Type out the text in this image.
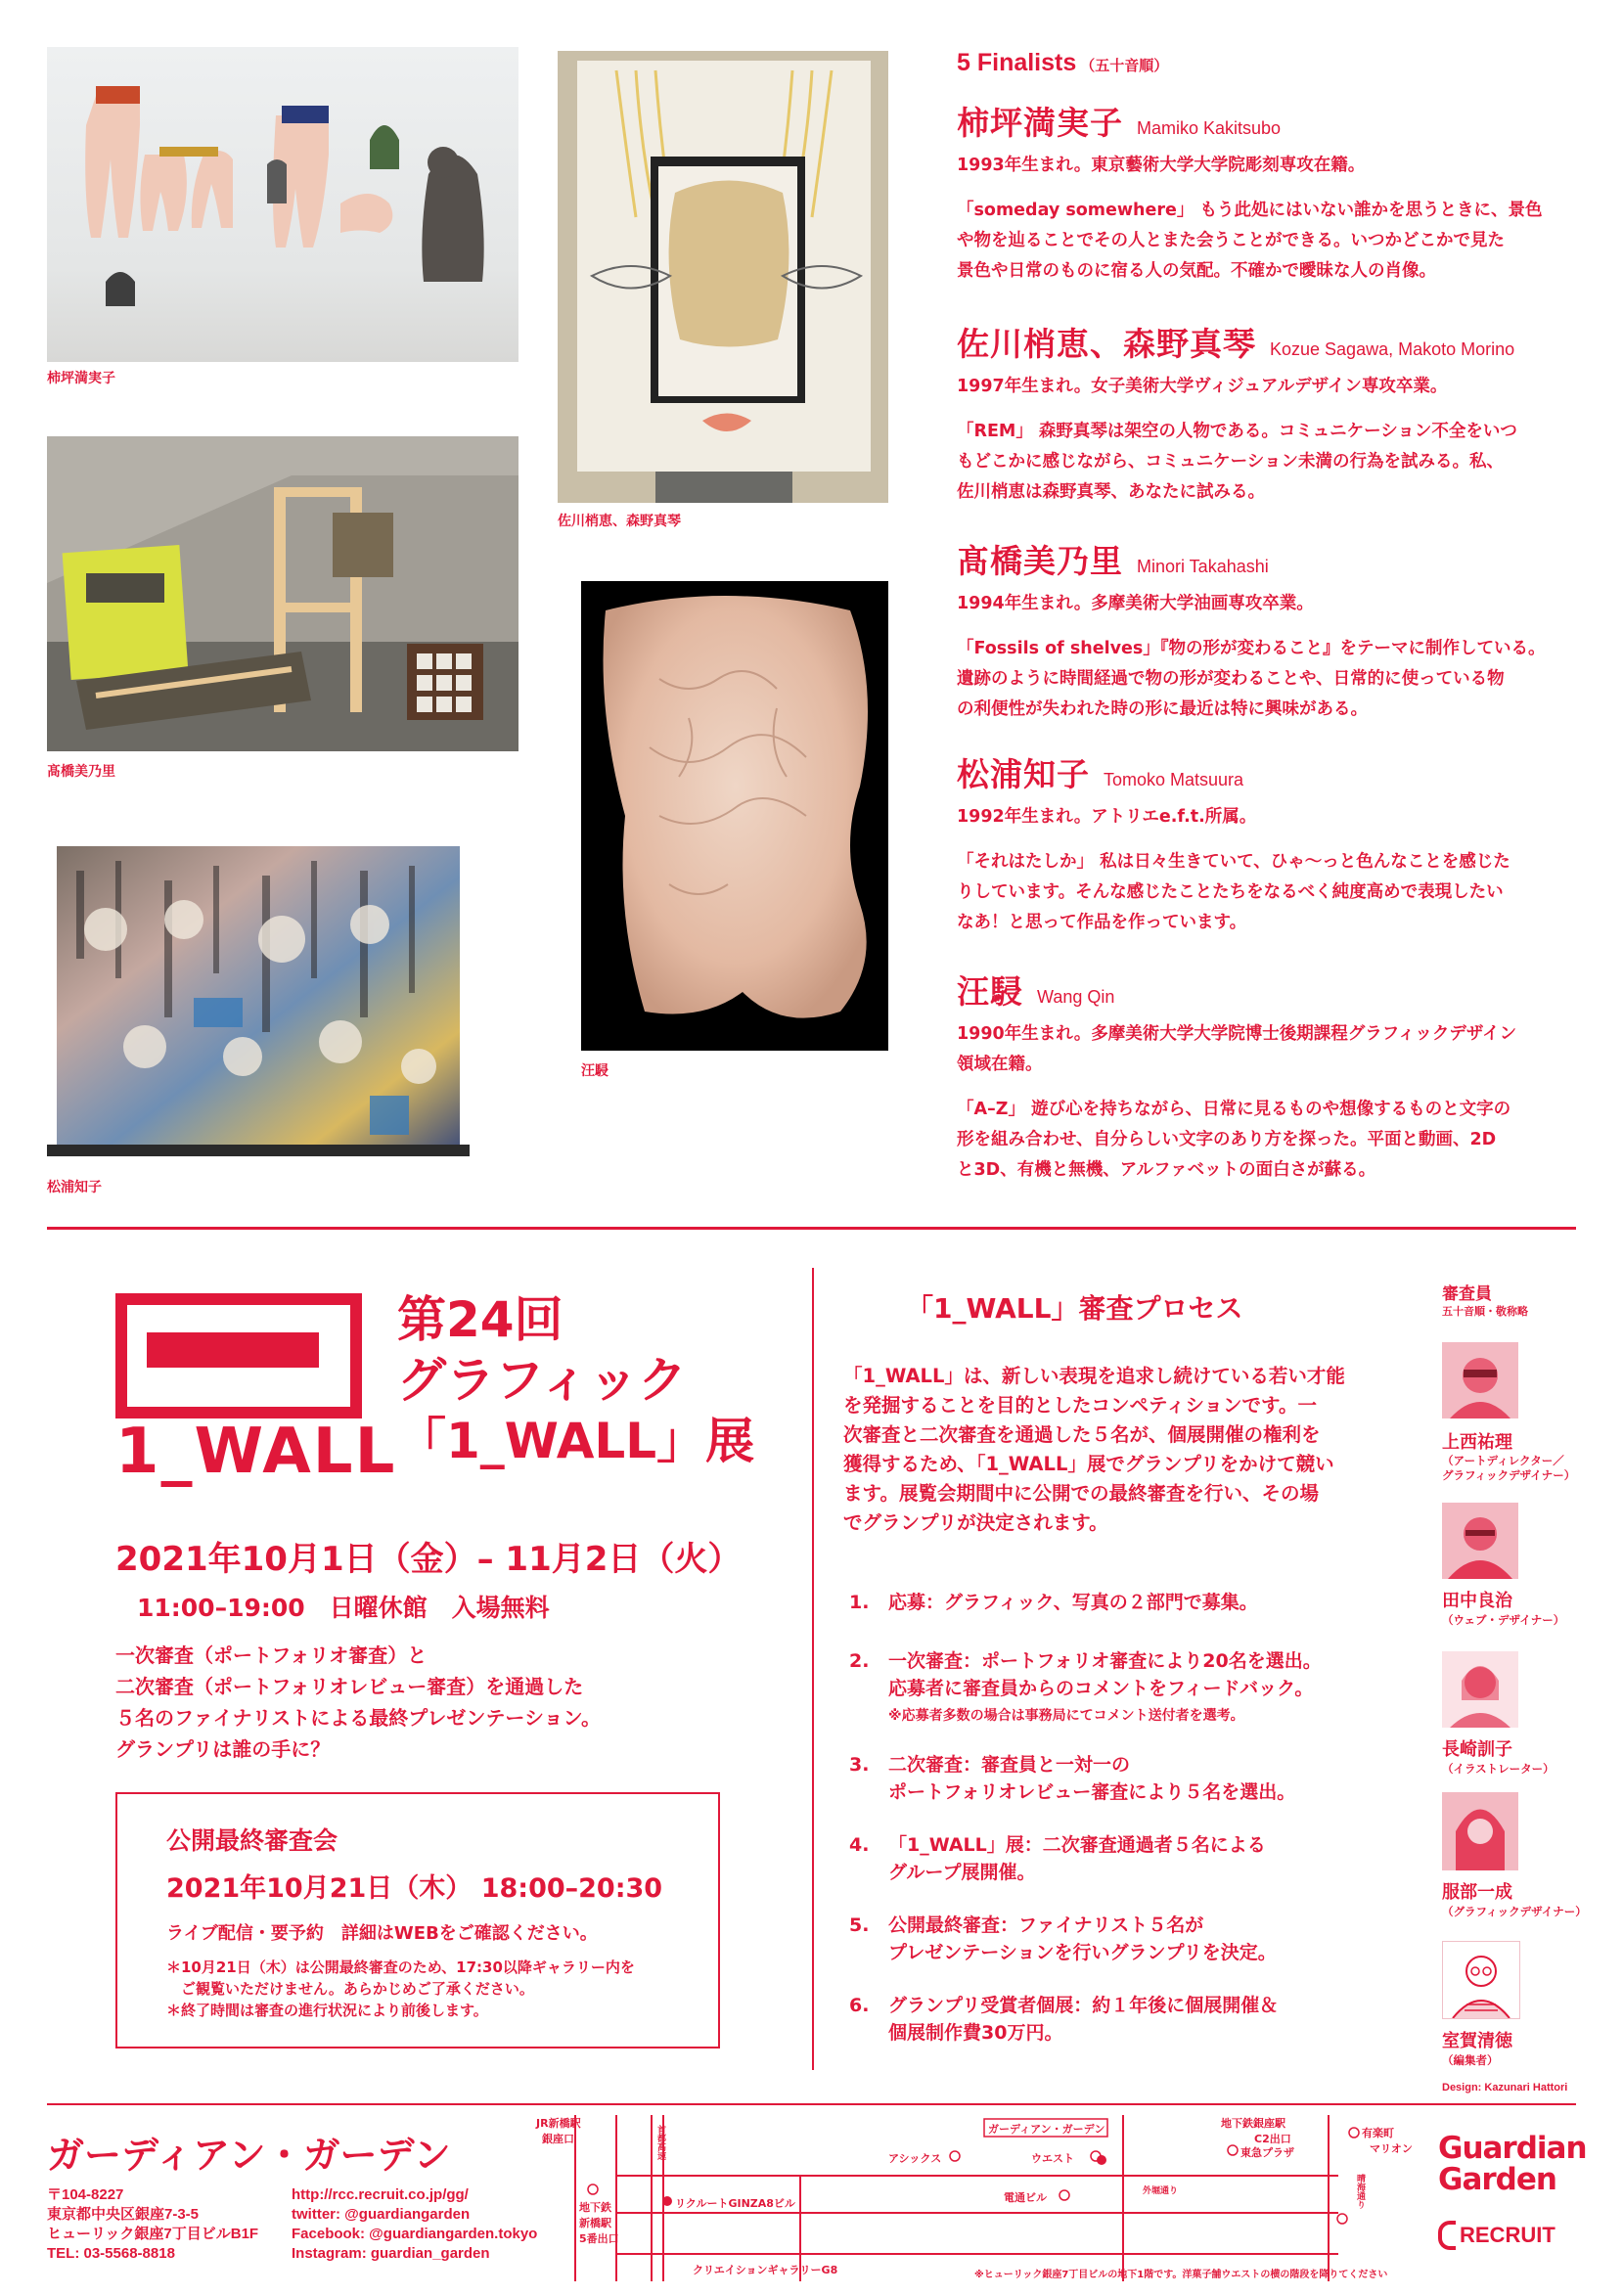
柿坪満実子
佐川梢恵、森野真琴
髙橋美乃里
汪駸
松浦知子
5 Finalists （五十音順）
柿坪満実子 Mamiko Kakitsubo
1993年生まれ。東京藝術大学大学院彫刻専攻在籍。
「someday somewhere」 もう此処にはいない誰かを思うときに、景色
や物を辿ることでその人とまた会うことができる。いつかどこかで見た
景色や日常のものに宿る人の気配。不確かで曖昧な人の肖像。
佐川梢恵、森野真琴 Kozue Sagawa, Makoto Morino
1997年生まれ。女子美術大学ヴィジュアルデザイン専攻卒業。
「REM」 森野真琴は架空の人物である。コミュニケーション不全をいつ
もどこかに感じながら、コミュニケーション未満の行為を試みる。私、
佐川梢恵は森野真琴、あなたに試みる。
髙橋美乃里 Minori Takahashi
1994年生まれ。多摩美術大学油画専攻卒業。
「Fossils of shelves」『物の形が変わること』をテーマに制作している。
遺跡のように時間経過で物の形が変わることや、日常的に使っている物
の利便性が失われた時の形に最近は特に興味がある。
松浦知子 Tomoko Matsuura
1992年生まれ。アトリエe.f.t.所属。
「それはたしか」 私は日々生きていて、ひゃ〜っと色んなことを感じた
りしています。そんな感じたことたちをなるべく純度高めで表現したい
なあ！と思って作品を作っています。
汪駸 Wang Qin
1990年生まれ。多摩美術大学大学院博士後期課程グラフィックデザイン
領域在籍。
「A–Z」 遊び心を持ちながら、日常に見るものや想像するものと文字の
形を組み合わせ、自分らしい文字のあり方を探った。平面と動画、2D
と3D、有機と無機、アルファベットの面白さが蘇る。
1_WALL
第24回
グラフィック
「1_WALL」展
2021年10月1日（金）– 11月2日（火）
11:00–19:00　日曜休館　入場無料
一次審査（ポートフォリオ審査）と
二次審査（ポートフォリオレビュー審査）を通過した
５名のファイナリストによる最終プレゼンテーション。
グランプリは誰の手に？
公開最終審査会
2021年10月21日（木） 18:00–20:30
ライブ配信・要予約　詳細はWEBをご確認ください。
＊10月21日（木）は公開最終審査のため、17:30以降ギャラリー内を
　ご観覧いただけません。あらかじめご了承ください。
＊終了時間は審査の進行状況により前後します。
「1_WALL」審査プロセス
「1_WALL」は、新しい表現を追求し続けている若い才能
を発掘することを目的としたコンペティションです。一
次審査と二次審査を通過した５名が、個展開催の権利を
獲得するため、「1_WALL」展でグランプリをかけて競い
ます。展覧会期間中に公開での最終審査を行い、その場
でグランプリが決定されます。
1. 応募：グラフィック、写真の２部門で募集。
2. 一次審査：ポートフォリオ審査により20名を選出。
応募者に審査員からのコメントをフィードバック。
※応募者多数の場合は事務局にてコメント送付者を選考。
3. 二次審査：審査員と一対一の
ポートフォリオレビュー審査により５名を選出。
4. 「1_WALL」展：二次審査通過者５名による
グループ展開催。
5. 公開最終審査：ファイナリスト５名が
プレゼンテーションを行いグランプリを決定。
6. グランプリ受賞者個展：約１年後に個展開催＆
個展制作費30万円。
審査員
五十音順・敬称略
上西祐理
（アートディレクター／
グラフィックデザイナー）
田中良治
（ウェブ・デザイナー）
長崎訓子
（イラストレーター）
服部一成
（グラフィックデザイナー）
室賀清徳
（編集者）
Design: Kazunari Hattori
ガーディアン・ガーデン
〒104-8227
東京都中央区銀座7-3-5
ヒューリック銀座7丁目ビルB1F
TEL: 03-5568-8818
http://rcc.recruit.co.jp/gg/
twitter: @guardiangarden
Facebook: @guardiangarden.tokyo
Instagram: guardian_garden
JR新橋駅
銀座口
地下鉄
新橋駅
5番出口
首都高速
リクルートGINZA8ビル
クリエイションギャラリーG8
アシックス
ガーディアン・ガーデン
ウエスト
電通ビル	外堀通り
地下鉄銀座駅
C2出口
東急プラザ
有楽町
マリオン
晴海通り
※ヒューリック銀座7丁目ビルの地下1階です。洋菓子舗ウエストの横の階段を降りてください
Guardian
Garden
RECRUIT
